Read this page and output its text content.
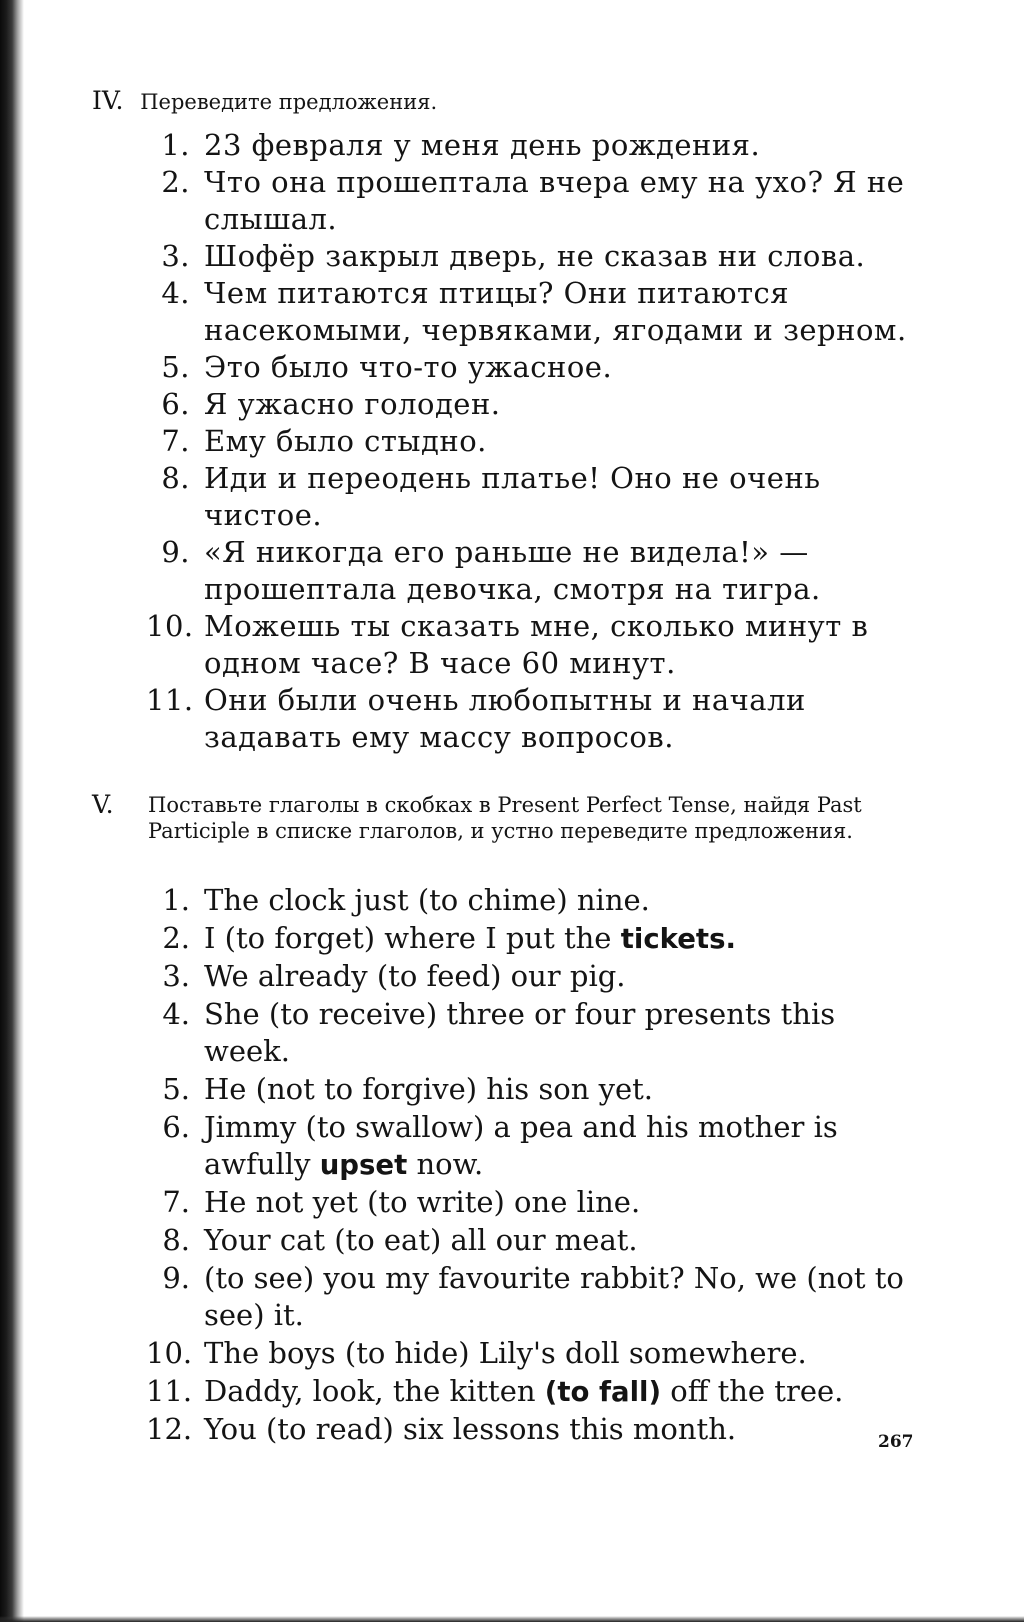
IV. Переведите предложения.
1. 23 февраля у меня день рождения.
2. Что она прошептала вчера ему на ухо? Я не слышал.
3. Шофёр закрыл дверь, не сказав ни слова.
4. Чем питаются птицы? Они питаются насекомыми, червяками, ягодами и зерном.
5. Это было что-то ужасное.
6. Я ужасно голоден.
7. Ему было стыдно.
8. Иди и переодень платье! Оно не очень чистое.
9. «Я никогда его раньше не видела!» — прошептала девочка, смотря на тигра.
10. Можешь ты сказать мне, сколько минут в одном часе? В часе 60 минут.
11. Они были очень любопытны и начали задавать ему массу вопросов.
V.	Поставьте глаголы в скобках в Present Perfect Tense, найдя Past Participle в списке глаголов, и устно переведите предложения.
1. The clock just (to chime) nine.
2. I (to forget) where I put the tickets.
3. We already (to feed) our pig.
4. She (to receive) three or four presents this week.
5. He (not to forgive) his son yet.
6. Jimmy (to swallow) a pea and his mother is awfully upset now.
7. He not yet (to write) one line.
8. Your cat (to eat) all our meat.
9. (to see) you my favourite rabbit? No, we (not to see) it.
10. The boys (to hide) Lily's doll somewhere.
11. Daddy, look, the kitten (to fall) off the tree.
12. You (to read) six lessons this month.	267
